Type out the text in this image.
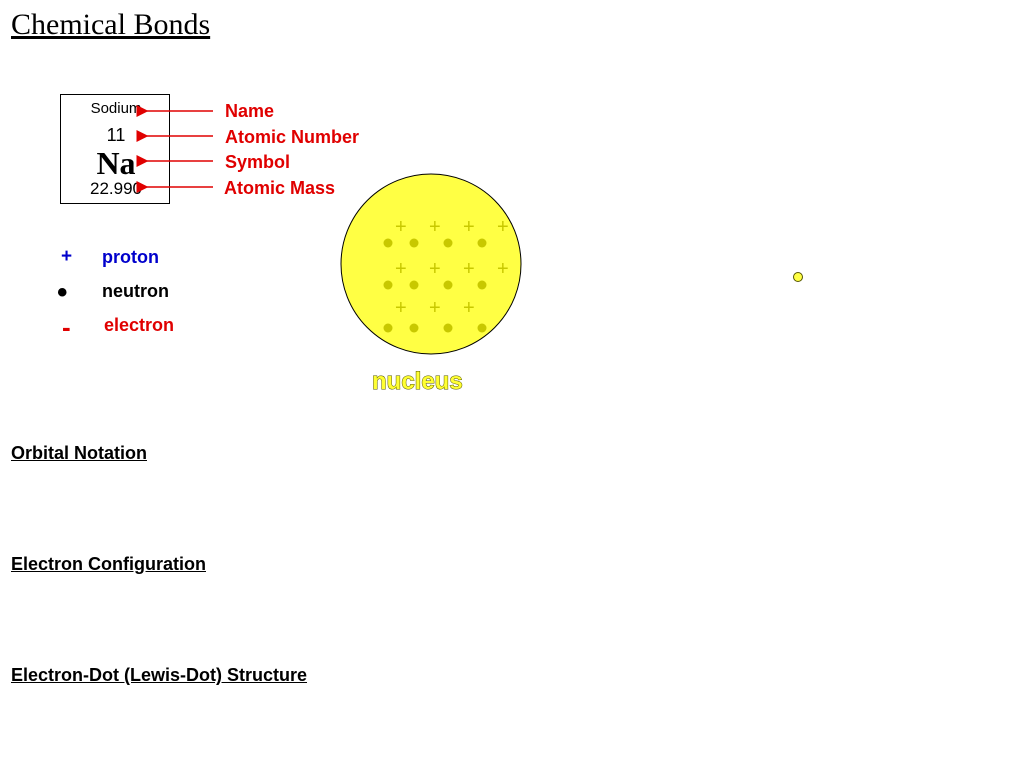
Chemical Bonds
Sodium
11
Na
22.990
Name
Atomic Number
Symbol
Atomic Mass
+ proton
• neutron
- electron
+ + + +
+ + + +
+ + +
nucleus
Orbital Notation
Electron Configuration
Electron-Dot (Lewis-Dot) Structure
